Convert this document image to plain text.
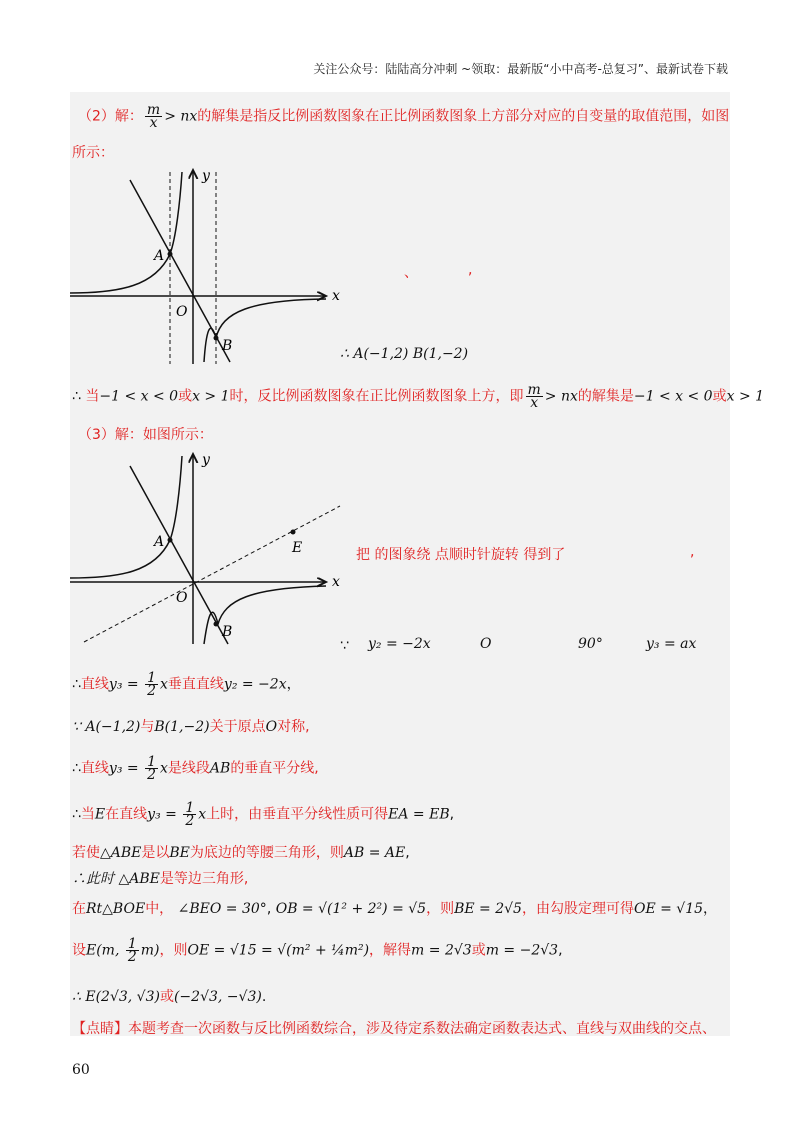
关注公众号：陆陆高分冲刺 ~领取：最新版“小中高考-总复习”、最新试卷下载
（2）解： $\frac{m}{x}$ > nx的解集是指反比例函数图象在正比例函数图象上方部分对应的自变量的取值范围，如图
所示：
y
x
O
A
B
、	,
∴ A(−1,2) B(1,−2)
∴ 当−1 < x < 0或x > 1时，反比例函数图象在正比例函数图象上方，即 $\frac{m}{x}$ > nx的解集是−1 < x < 0或x > 1
（3）解：如图所示：
y
x
O
A
B
E	把 的图象绕 点顺时针旋转 得到了	,
∵ y₂ = −2x	O	90°	y₃ = ax
∴直线$y_3 = \frac{1}{2}$ x垂直直线y₂ = −2x，
∵ A(−1,2)与B(1,−2)关于原点O对称,
∴直线$y_3 = \frac{1}{2}$ x是线段AB的垂直平分线,
∴当E在直线$y_3 = \frac{1}{2}$ x上时，由垂直平分线性质可得EA = EB,
若使△ABE是以BE为底边的等腰三角形，则AB = AE,
∴此时 △ABE是等边三角形,
在Rt△BOE中， ∠BEO = 30°, OB = √(1² + 2²) = √5，则BE = 2√5，由勾股定理可得OE = √15，
设E(m, $\frac{1}{2} m$)，则OE = √15 = √(m² + ¼m²)，解得m = 2√3或m = −2√3,
∴ E(2√3, √3)或(−2√3, −√3).
【点睛】本题考查一次函数与反比例函数综合，涉及待定系数法确定函数表达式、直线与双曲线的交点、
60
